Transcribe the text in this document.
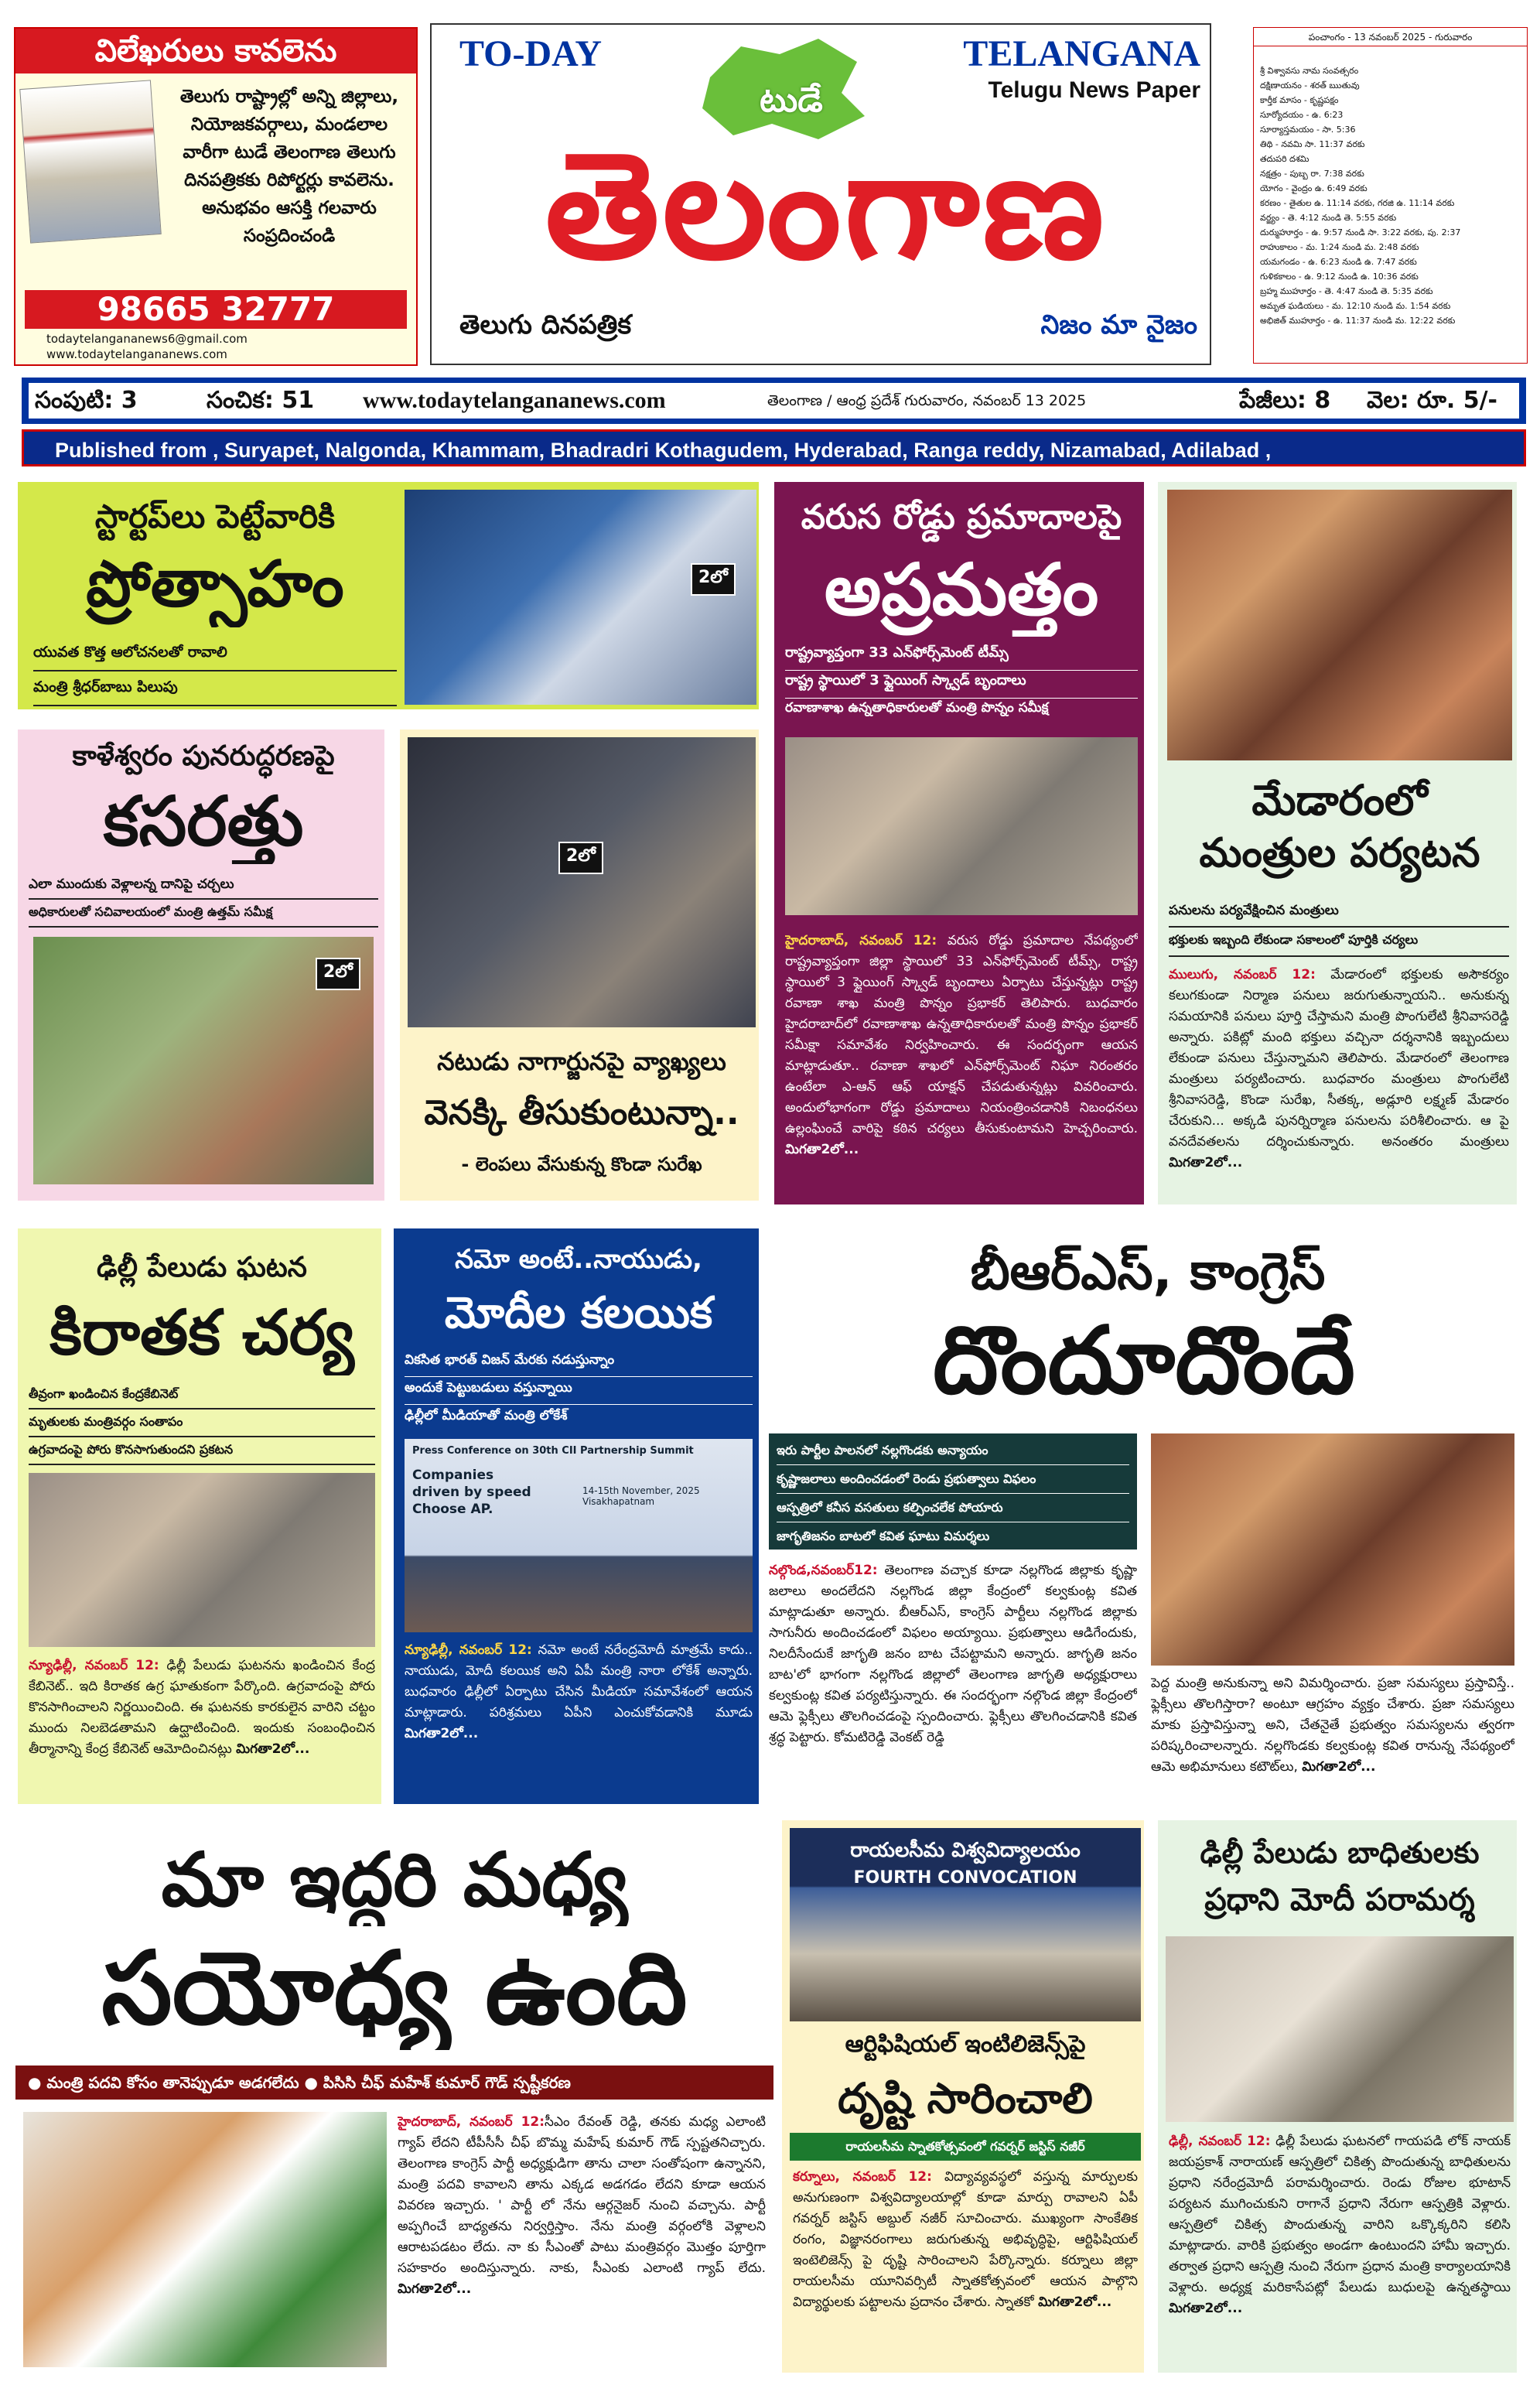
విలేఖరులు కావలెను
తెలుగు రాష్ట్రాల్లో అన్ని జిల్లాలు, నియోజకవర్గాలు, మండలాల వారీగా టుడే తెలంగాణ తెలుగు దినపత్రికకు రిపోర్టర్లు కావలెను. అనుభవం ఆసక్తి గలవారు సంప్రదించండి
98665 32777
todaytelangananews6@gmail.com
www.todaytelangananews.com
TO-DAY	TELANGANA
Telugu News Paper
టుడే
తెలంగాణ
తెలుగు దినపత్రిక	నిజం మా నైజం
పంచాంగం - 13 నవంబర్ 2025 - గురువారం
శ్రీ విశ్వావసు నామ సంవత్సరం
దక్షిణాయనం - శరత్ ఋతువు
కార్తీక మాసం - కృష్ణపక్షం
సూర్యోదయం - ఉ. 6:23
సూర్యాస్తమయం - సా. 5:36
తిథి - నవమి సా. 11:37 వరకు
తదుపరి దశమి
నక్షత్రం - పుబ్బ రా. 7:38 వరకు
యోగం - వైంద్రం ఉ. 6:49 వరకు
కరణం - తైతుల ఉ. 11:14 వరకు, గరజి ఉ. 11:14 వరకు
వర్జ్యం - తె. 4:12 నుండి తె. 5:55 వరకు
దుర్ముహూర్తం - ఉ. 9:57 నుండి సా. 3:22 వరకు, పు. 2:37
రాహుకాలం - మ. 1:24 నుండి మ. 2:48 వరకు
యమగండం - ఉ. 6:23 నుండి ఉ. 7:47 వరకు
గుళికకాలం - ఉ. 9:12 నుండి ఉ. 10:36 వరకు
బ్రహ్మ ముహూర్తం - తె. 4:47 నుండి తె. 5:35 వరకు
అమృత ఘడియలు - మ. 12:10 నుండి మ. 1:54 వరకు
అభిజిత్ ముహూర్తం - ఉ. 11:37 నుండి మ. 12:22 వరకు
సంపుటి: 3	సంచిక: 51	www.todaytelangananews.com	తెలంగాణ / ఆంధ్ర ప్రదేశ్ గురువారం, నవంబర్ 13 2025	పేజీలు: 8	వెల: రూ. 5/-
Published from , Suryapet, Nalgonda, Khammam, Bhadradri Kothagudem, Hyderabad, Ranga reddy, Nizamabad, Adilabad ,
స్టార్టప్‌లు పెట్టేవారికి
ప్రోత్సాహం
యువత కొత్త ఆలోచనలతో రావాలి
మంత్రి శ్రీధర్‌బాబు పిలుపు
2లో
వరుస రోడ్డు ప్రమాదాలపై
అప్రమత్తం
రాష్ట్రవ్యాప్తంగా 33 ఎన్‌ఫోర్స్‌మెంట్ టీమ్స్
రాష్ట్ర స్థాయిలో 3 ఫ్లైయింగ్ స్క్వాడ్ బృందాలు
రవాణాశాఖ ఉన్నతాధికారులతో మంత్రి పొన్నం సమీక్ష
హైదరాబాద్, నవంబర్ 12: వరుస రోడ్డు ప్రమాదాల నేపథ్యంలో రాష్ట్రవ్యాప్తంగా జిల్లా స్థాయిలో 33 ఎన్‌ఫోర్స్‌మెంట్ టీమ్స్, రాష్ట్ర స్థాయిలో 3 ఫ్లైయింగ్ స్క్వాడ్ బృందాలు ఏర్పాటు చేస్తున్నట్లు రాష్ట్ర రవాణా శాఖ మంత్రి పొన్నం ప్రభాకర్ తెలిపారు. బుధవారం హైదరాబాద్‌లో రవాణాశాఖ ఉన్నతాధికారులతో మంత్రి పొన్నం ప్రభాకర్ సమీక్షా సమావేశం నిర్వహించారు. ఈ సందర్భంగా ఆయన మాట్లాడుతూ.. రవాణా శాఖలో ఎన్‌ఫోర్స్‌మెంట్ నిఘా నిరంతరం ఉంటేలా ఎ-ఆన్ ఆఫ్ యాక్షన్ చేపడుతున్నట్లు వివరించారు. అందులోభాగంగా రోడ్డు ప్రమాదాలు నియంత్రించడానికి నిబంధనలు ఉల్లంఘించే వారిపై కఠిన చర్యలు తీసుకుంటామని హెచ్చరించారు. మిగతా2లో...
మేడారంలో
మంత్రుల పర్యటన
పనులను పర్యవేక్షించిన మంత్రులు
భక్తులకు ఇబ్బంది లేకుండా సకాలంలో పూర్తికి చర్యలు
ములుగు, నవంబర్ 12: మేడారంలో భక్తులకు అసౌకర్యం కలుగకుండా నిర్మాణ పనులు జరుగుతున్నాయని.. అనుకున్న సమయానికి పనులు పూర్తి చేస్తామని మంత్రి పొంగులేటి శ్రీనివాసరెడ్డి అన్నారు. పకిట్లో మంది భక్తులు వచ్చినా దర్శనానికి ఇబ్బందులు లేకుండా పనులు చేస్తున్నామని తెలిపారు. మేడారంలో తెలంగాణ మంత్రులు పర్యటించారు. బుధవారం మంత్రులు పొంగులేటి శ్రీనివాసరెడ్డి, కొండా సురేఖ, సీతక్క, అడ్లూరి లక్ష్మణ్ మేడారం చేరుకుని... అక్కడి పునర్నిర్మాణ పనులను పరిశీలించారు. ఆ పై వనదేవతలను దర్శించుకున్నారు. అనంతరం మంత్రులు మిగతా2లో...
కాళేశ్వరం పునరుద్ధరణపై
కసరత్తు
ఎలా ముందుకు వెళ్లాలన్న దానిపై చర్చలు
అధికారులతో సచివాలయంలో మంత్రి ఉత్తమ్ సమీక్ష
2లో
2లో
నటుడు నాగార్జునపై వ్యాఖ్యలు
వెనక్కి తీసుకుంటున్నా..
- లెంపలు వేసుకున్న కొండా సురేఖ
ఢిల్లీ పేలుడు ఘటన
కిరాతక చర్య
తీవ్రంగా ఖండించిన కేంద్రకేబినెట్
మృతులకు మంత్రివర్గం సంతాపం
ఉగ్రవాదంపై పోరు కొనసాగుతుందని ప్రకటన
న్యూఢిల్లీ, నవంబర్ 12: ఢిల్లీ పేలుడు ఘటనను ఖండించిన కేంద్ర కేబినెట్.. ఇది కిరాతక ఉగ్ర ఘాతుకంగా పేర్కొంది. ఉగ్రవాదంపై పోరు కొనసాగించాలని నిర్ణయించింది. ఈ ఘటనకు కారకులైన వారిని చట్టం ముందు నిలబెడతామని ఉద్ఘాటించింది. ఇందుకు సంబంధించిన తీర్మానాన్ని కేంద్ర కేబినెట్ ఆమోదించినట్లు మిగతా2లో...
నమో అంటే..నాయుడు,
మోదీల కలయిక
వికసిత భారత్ విజన్ మేరకు నడుస్తున్నాం
అందుకే పెట్టుబడులు వస్తున్నాయి
ఢిల్లీలో మీడియాతో మంత్రి లోకేశ్
Press Conference on 30th CII Partnership Summit
Companies driven by speed Choose AP.
14-15th November, 2025 Visakhapatnam
న్యూఢిల్లీ, నవంబర్ 12: నమో అంటే నరేంద్రమోదీ మాత్రమే కాదు.. నాయుడు, మోదీ కలయిక అని ఏపీ మంత్రి నారా లోకేశ్ అన్నారు. బుధవారం ఢిల్లీలో ఏర్పాటు చేసిన మీడియా సమావేశంలో ఆయన మాట్లాడారు. పరిశ్రమలు ఏపీని ఎంచుకోవడానికి మూడు మిగతా2లో...
బీఆర్ఎస్, కాంగ్రెస్
దొందూదొందే
ఇరు పార్టీల పాలనలో నల్లగొండకు అన్యాయం
కృష్ణాజలాలు అందించడంలో రెండు ప్రభుత్వాలు విఫలం
ఆస్పత్రిలో కనీస వసతులు కల్పించలేక పోయారు
జాగృతిజనం బాటలో కవిత ఘాటు విమర్శలు
నల్గొండ,నవంబర్12: తెలంగాణ వచ్చాక కూడా నల్లగొండ జిల్లాకు కృష్ణా జలాలు అందలేదని నల్లగొండ జిల్లా కేంద్రంలో కల్వకుంట్ల కవిత మాట్లాడుతూ అన్నారు. బీఆర్ఎస్, కాంగ్రెస్ పార్టీలు నల్లగొండ జిల్లాకు సాగునీరు అందించడంలో విఫలం అయ్యాయి. ప్రభుత్వాలు ఆడిగేందుకు, నిలదీసేందుకే జాగృతి జనం బాట చేపట్టామని అన్నారు. జాగృతి జనం బాట'లో భాగంగా నల్లగొండ జిల్లాలో తెలంగాణ జాగృతి అధ్యక్షురాలు కల్వకుంట్ల కవిత పర్యటిస్తున్నారు. ఈ సందర్భంగా నల్గొండ జిల్లా కేంద్రంలో ఆమె ఫ్లెక్సీలు తొలగించడంపై స్పందించారు. ఫ్లెక్సీలు తొలగించడానికి కవిత శ్రద్ధ పెట్టారు. కోమటిరెడ్డి వెంకట్ రెడ్డి
పెద్ద మంత్రి అనుకున్నా అని విమర్శించారు. ప్రజా సమస్యలు ప్రస్తావిస్తే.. ఫ్లెక్సీలు తొలగిస్తారా? అంటూ ఆగ్రహం వ్యక్తం చేశారు. ప్రజా సమస్యలు మాకు ప్రస్తావిస్తున్నా అని, చేతనైతే ప్రభుత్వం సమస్యలను త్వరగా పరిష్కరించాలన్నారు. నల్లగొండకు కల్వకుంట్ల కవిత రానున్న నేపథ్యంలో ఆమె అభిమానులు కటౌట్‌లు, మిగతా2లో...
మా ఇద్దరి మధ్య
సయోధ్య ఉంది
● మంత్రి పదవి కోసం తానెప్పుడూ అడగలేదు ● పిసిసి చీఫ్ మహేశ్ కుమార్ గౌడ్ స్పష్టీకరణ
హైదరాబాద్, నవంబర్ 12:సీఎం రేవంత్ రెడ్డి, తనకు మధ్య ఎలాంటి గ్యాప్ లేదని టీపీసీసీ చీఫ్ బొమ్మ మహేష్ కుమార్ గౌడ్ స్పష్టతనిచ్చారు. తెలంగాణ కాంగ్రెస్ పార్టీ అధ్యక్షుడిగా తాను చాలా సంతోషంగా ఉన్నానని, మంత్రి పదవి కావాలని తాను ఎక్కడ అడగడం లేదని కూడా ఆయన వివరణ ఇచ్చారు. ' పార్టీ లో నేను ఆర్గనైజర్ నుంచి వచ్చాను. పార్టీ అప్పగించే బాధ్యతను నిర్వర్తిస్తాం. నేను మంత్రి వర్గంలోకి వెళ్లాలని ఆరాటపడటం లేదు. నా కు సీఎంతో పాటు మంత్రివర్గం మొత్తం పూర్తిగా సహకారం అందిస్తున్నారు. నాకు, సీఎంకు ఎలాంటి గ్యాప్ లేదు. మిగతా2లో...
రాయలసీమ విశ్వవిద్యాలయం
FOURTH CONVOCATION
ఆర్టిఫిషియల్ ఇంటిలిజెన్స్‌పై
దృష్టి సారించాలి
రాయలసీమ స్నాతకోత్సవంలో గవర్నర్ జస్టిస్ నజీర్
కర్నూలు, నవంబర్ 12: విద్యావ్యవస్థలో వస్తున్న మార్పులకు అనుగుణంగా విశ్వవిద్యాలయాల్లో కూడా మార్పు రావాలని ఏపీ గవర్నర్ జస్టిస్ అబ్దుల్ నజీర్ సూచించారు. ముఖ్యంగా సాంకేతిక రంగం, విజ్ఞానరంగాలు జరుగుతున్న అభివృద్ధిపై, ఆర్టిఫిషియల్ ఇంటెలిజెన్స్ పై దృష్టి సారించాలని పేర్కొన్నారు. కర్నూలు జిల్లా రాయలసీమ యూనివర్సిటీ స్నాతకోత్సవంలో ఆయన పాల్గొని విద్యార్థులకు పట్టాలను ప్రదానం చేశారు. స్నాతకో మిగతా2లో...
ఢిల్లీ పేలుడు బాధితులకు
ప్రధాని మోదీ పరామర్శ
ఢిల్లీ, నవంబర్ 12: ఢిల్లీ పేలుడు ఘటనలో గాయపడి లోక్ నాయక్ జయప్రకాశ్ నారాయణ్ ఆస్పత్రిలో చికిత్స పొందుతున్న బాధితులను ప్రధాని నరేంద్రమోదీ పరామర్శించారు. రెండు రోజుల భూటాన్ పర్యటన ముగించుకుని రాగానే ప్రధాని నేరుగా ఆస్పత్రికి వెళ్లారు. ఆస్పత్రిలో చికిత్స పొందుతున్న వారిని ఒక్కొక్కరిని కలిసి మాట్లాడారు. వారికి ప్రభుత్వం అండగా ఉంటుందని హామీ ఇచ్చారు. తర్వాత ప్రధాని ఆస్పత్రి నుంచి నేరుగా ప్రధాన మంత్రి కార్యాలయానికి వెళ్లారు. అధ్యక్ష మరికాసేపట్లో పేలుడు బుధులపై ఉన్నతస్థాయి మిగతా2లో...
